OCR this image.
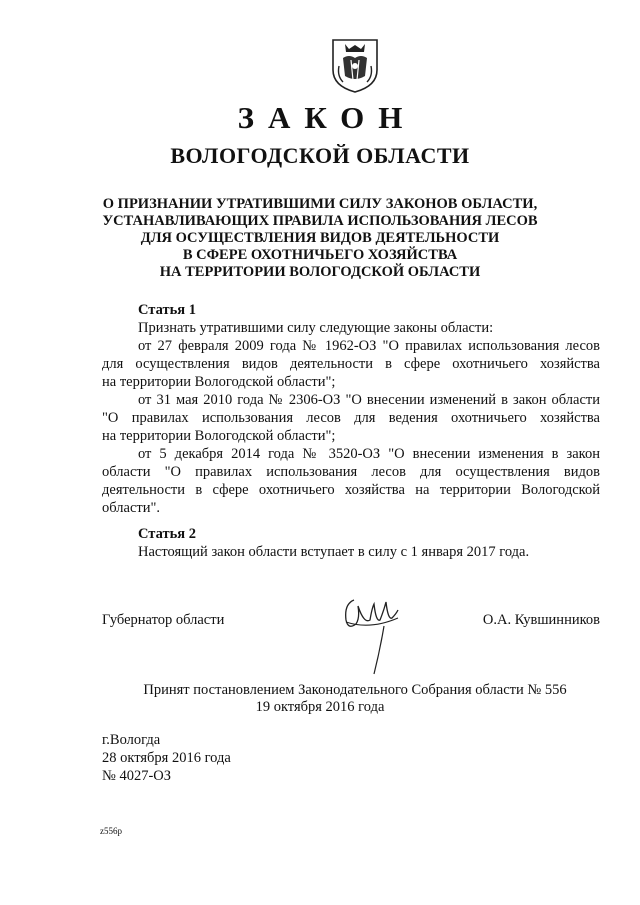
ЗАКОН
ВОЛОГОДСКОЙ ОБЛАСТИ
О ПРИЗНАНИИ УТРАТИВШИМИ СИЛУ ЗАКОНОВ ОБЛАСТИ,
УСТАНАВЛИВАЮЩИХ ПРАВИЛА ИСПОЛЬЗОВАНИЯ ЛЕСОВ
ДЛЯ ОСУЩЕСТВЛЕНИЯ ВИДОВ ДЕЯТЕЛЬНОСТИ
В СФЕРЕ ОХОТНИЧЬЕГО ХОЗЯЙСТВА
НА ТЕРРИТОРИИ ВОЛОГОДСКОЙ ОБЛАСТИ
Статья 1
Признать утратившими силу следующие законы области:
от 27 февраля 2009 года № 1962-ОЗ "О правилах использования лесов
для осуществления видов деятельности в сфере охотничьего хозяйства
на территории Вологодской области";
от 31 мая 2010 года № 2306-ОЗ "О внесении изменений в закон области
"О правилах использования лесов для ведения охотничьего хозяйства
на территории Вологодской области";
от 5 декабря 2014 года № 3520-ОЗ "О внесении изменения в закон
области "О правилах использования лесов для осуществления видов
деятельности в сфере охотничьего хозяйства на территории Вологодской
области".
Статья 2
Настоящий закон области вступает в силу с 1 января 2017 года.
Губернатор области	О.А. Кувшинников
Принят постановлением Законодательного Собрания области № 556
19 октября 2016 года
г.Вологда
28 октября 2016 года
№ 4027-ОЗ
z556p
